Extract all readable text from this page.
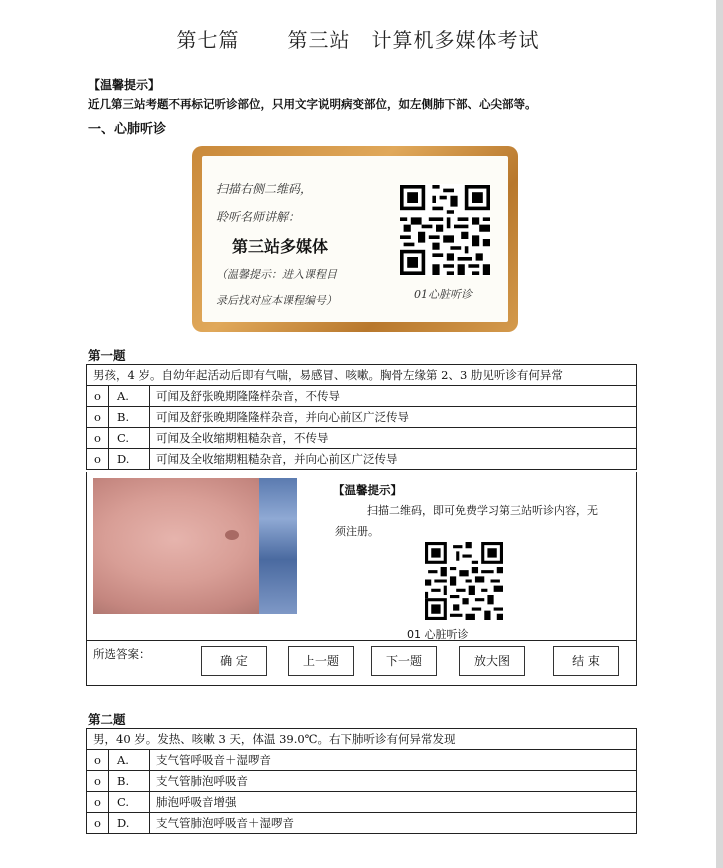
第七篇 第三站　计算机多媒体考试
【温馨提示】
近几第三站考题不再标记听诊部位，只用文字说明病变部位，如左侧肺下部、心尖部等。
一、心肺听诊
扫描右侧二维码，
聆听名师讲解：
第三站多媒体
（温馨提示：进入课程目
录后找对应本课程编号）	01心脏听诊
第一题
男孩，4 岁。自幼年起活动后即有气喘，易感冒、咳嗽。胸骨左缘第 2、3 肋见听诊有何异常		
o	A.	可闻及舒张晚期隆隆样杂音，不传导
o	B.	可闻及舒张晚期隆隆样杂音，并向心前区广泛传导
o	C.	可闻及全收缩期粗糙杂音，不传导
o	D.	可闻及全收缩期粗糙杂音，并向心前区广泛传导
【温馨提示】
扫描二维码，即可免费学习第三站听诊内容，无须注册。
01 心脏听诊
所选答案：	确 定	上一题	下一题	放大图	结 束
第二题
男，40 岁。发热、咳嗽 3 天，体温 39.0℃。右下肺听诊有何异常发现		
o	A.	支气管呼吸音＋湿啰音
o	B.	支气管肺泡呼吸音
o	C.	肺泡呼吸音增强
o	D.	支气管肺泡呼吸音＋湿啰音
